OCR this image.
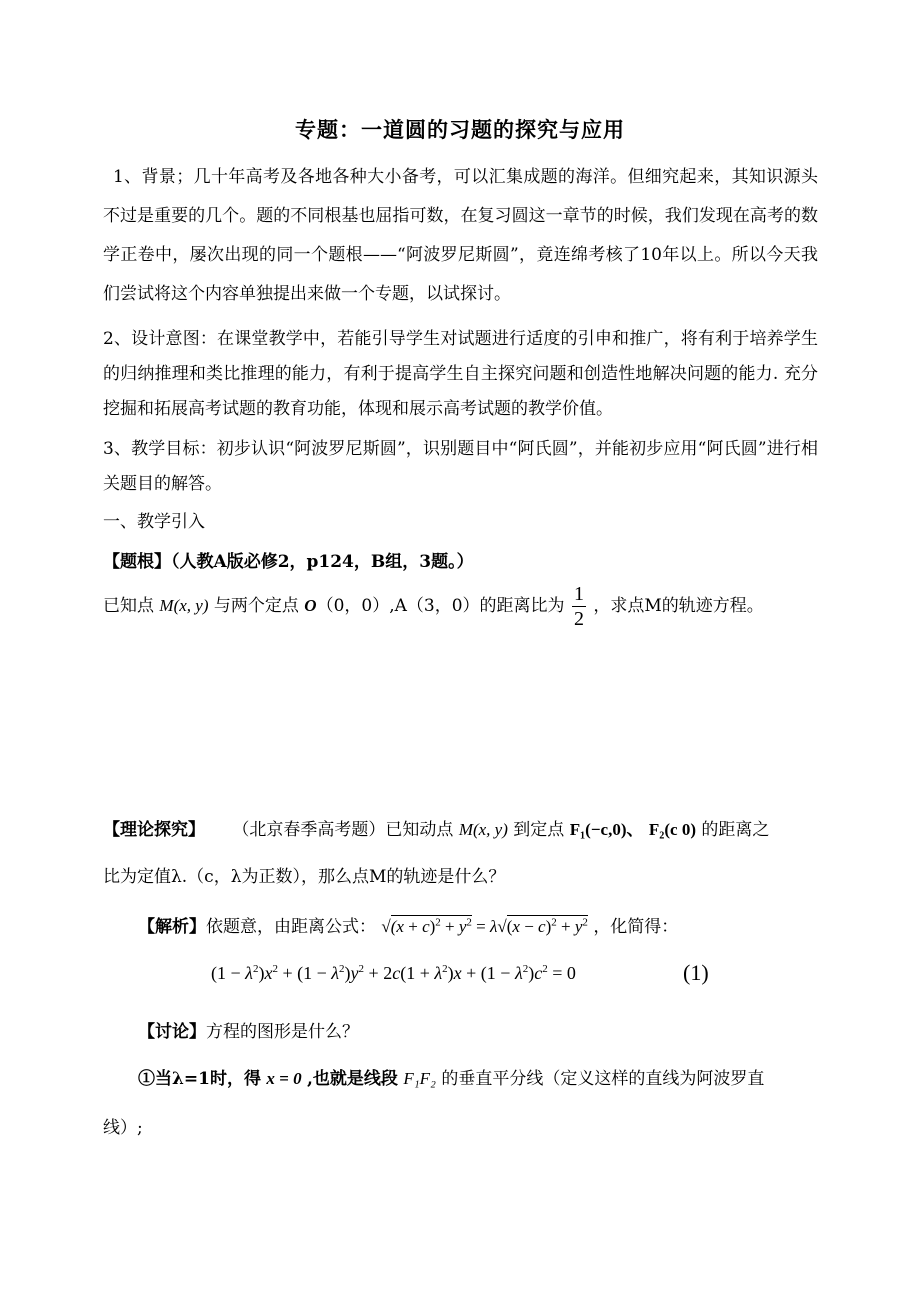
专题：一道圆的习题的探究与应用
1、背景；几十年高考及各地各种大小备考，可以汇集成题的海洋。但细究起来，其知识源头不过是重要的几个。题的不同根基也屈指可数，在复习圆这一章节的时候，我们发现在高考的数学正卷中，屡次出现的同一个题根——“阿波罗尼斯圆”，竟连绵考核了10年以上。所以今天我们尝试将这个内容单独提出来做一个专题，以试探讨。
2、设计意图：在课堂教学中，若能引导学生对试题进行适度的引申和推广，将有利于培养学生的归纳推理和类比推理的能力，有利于提高学生自主探究问题和创造性地解决问题的能力. 充分挖掘和拓展高考试题的教育功能，体现和展示高考试题的教学价值。
3、教学目标：初步认识“阿波罗尼斯圆”，识别题目中“阿氏圆”，并能初步应用“阿氏圆”进行相关题目的解答。
一、教学引入
【题根】（人教A版必修2，p124，B组，3题。）
已知点 M(x, y) 与两个定点 O（0，0）,A（3，0）的距离比为 $\frac{1}{2}$ ，求点M的轨迹方程。
【理论探究】 （北京春季高考题）已知动点 M(x, y) 到定点 F₁(−c,0)、 F₂(c 0) 的距离之
比为定值λ.（c，λ为正数），那么点M的轨迹是什么？
【解析】依题意，由距离公式： $√(x + c)^2 + y^2 = \lambda√(x - c)^2 + y^2$ ，化简得：
$(1 - \lambda^2)x^2 + (1 - \lambda^2)y^2 + 2c(1 + \lambda^2)x + (1 - \lambda^2)c^2 = 0$	(1)
【讨论】方程的图形是什么？
①当λ=1时，得 x = 0 ,也就是线段 F₁F₂ 的垂直平分线（定义这样的直线为阿波罗直
线）;
